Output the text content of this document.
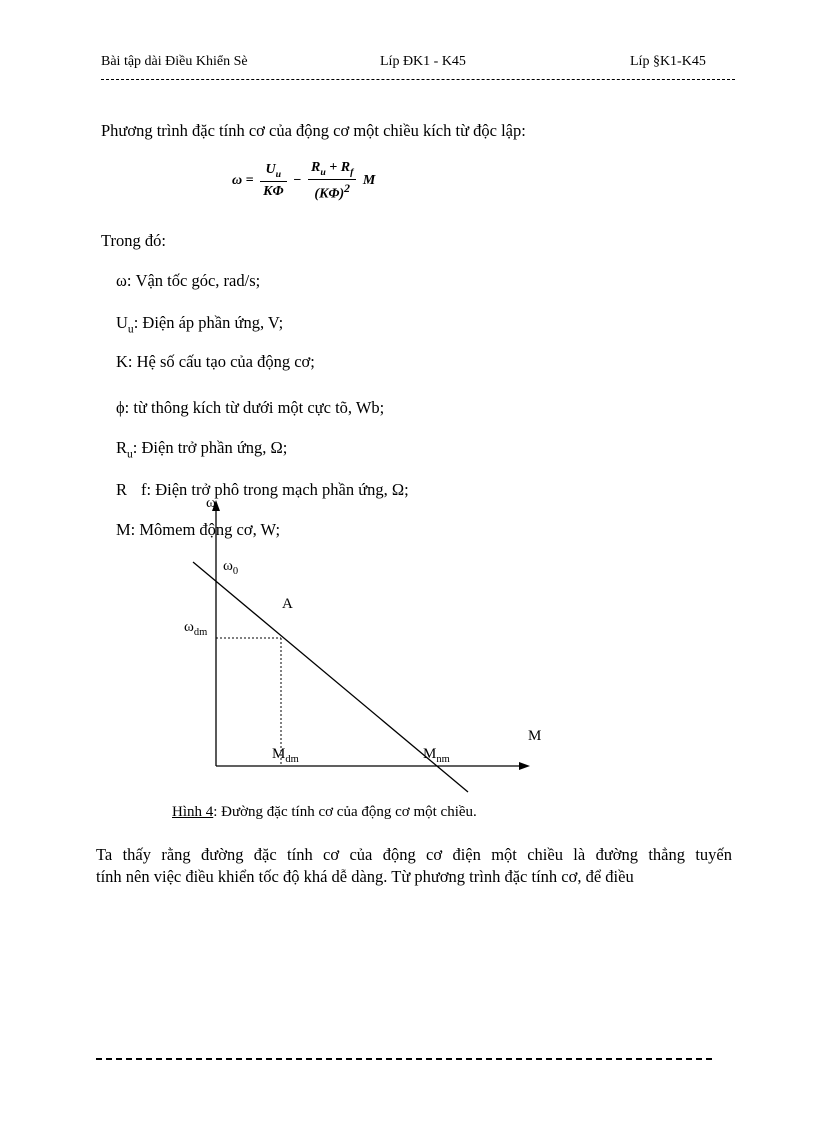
Bài tập dài Điều Khiển Sè	Líp ĐK1 - K45	Líp §K1-K45
Phương trình đặc tính cơ của động cơ một chiều kích từ độc lập:
$\omega = \frac{U_u}{K\Phi} - \frac{R_u + R_f}{(K\Phi)^2}$ M
Trong đó:
ω: Vận tốc góc, rad/s;
$U_u$: Điện áp phần ứng, V;
K: Hệ số cấu tạo của động cơ;
ϕ: từ thông kích từ dưới một cực tõ, Wb;
$R_u$: Điện trở phần ứng, Ω;
R f: Điện trở phô trong mạch phần ứng, Ω;
M: Mômem động cơ, W;
ω
M
$\omega_0$
$\omega_{dm}$
A
$M_{dm}$	$M_{nm}$
Hình 4: Đường đặc tính cơ của động cơ một chiều.
Ta thấy rằng đường đặc tính cơ của động cơ điện một chiều là đường thẳng tuyến
tính nên việc điều khiển tốc độ khá dễ dàng. Từ phương trình đặc tính cơ, để điều
